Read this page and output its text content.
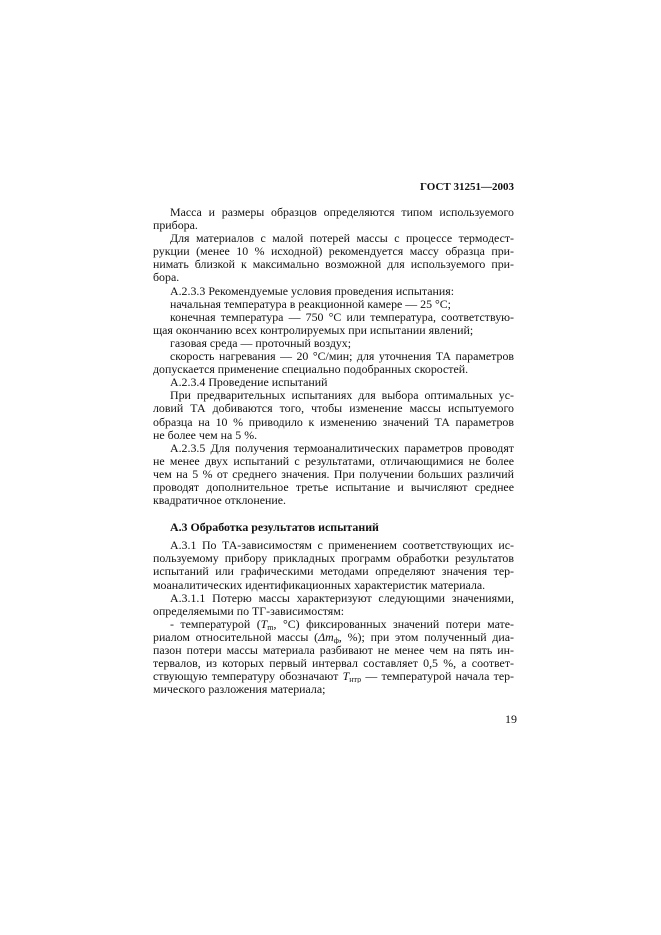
ГОСТ 31251—2003
Масса и размеры образцов определяются типом используемого
прибора.
Для материалов с малой потерей массы с процессе термодест-
рукции (менее 10 % исходной) рекомендуется массу образца при-
нимать близкой к максимально возможной для используемого при-
бора.
А.2.3.3 Рекомендуемые условия проведения испытания:
начальная температура в реакционной камере — 25 °С;
конечная температура — 750 °С или температура, соответствую-
щая окончанию всех контролируемых при испытании явлений;
газовая среда — проточный воздух;
скорость нагревания — 20 °С/мин; для уточнения ТА параметров
допускается применение специально подобранных скоростей.
А.2.3.4 Проведение испытаний
При предварительных испытаниях для выбора оптимальных ус-
ловий ТА добиваются того, чтобы изменение массы испытуемого
образца на 10 % приводило к изменению значений ТА параметров
не более чем на 5 %.
А.2.3.5 Для получения термоаналитических параметров проводят
не менее двух испытаний с результатами, отличающимися не более
чем на 5 % от среднего значения. При получении больших различий
проводят дополнительное третье испытание и вычисляют среднее
квадратичное отклонение.
А.3 Обработка результатов испытаний
А.3.1 По ТА-зависимостям с применением соответствующих ис-
пользуемому прибору прикладных программ обработки результатов
испытаний или графическими методами определяют значения тер-
моаналитических идентификационных характеристик материала.
А.3.1.1 Потерю массы характеризуют следующими значениями,
определяемыми по ТГ-зависимостям:
- температурой ($T_m$, °С) фиксированных значений потери мате-
риалом относительной массы ($\Delta m_ф$, %); при этом полученный диа-
пазон потери массы материала разбивают не менее чем на пять ин-
тервалов, из которых первый интервал составляет 0,5 %, а соответ-
ствующую температуру обозначают $T_{нтр}$ — температурой начала тер-
мического разложения материала;
19
